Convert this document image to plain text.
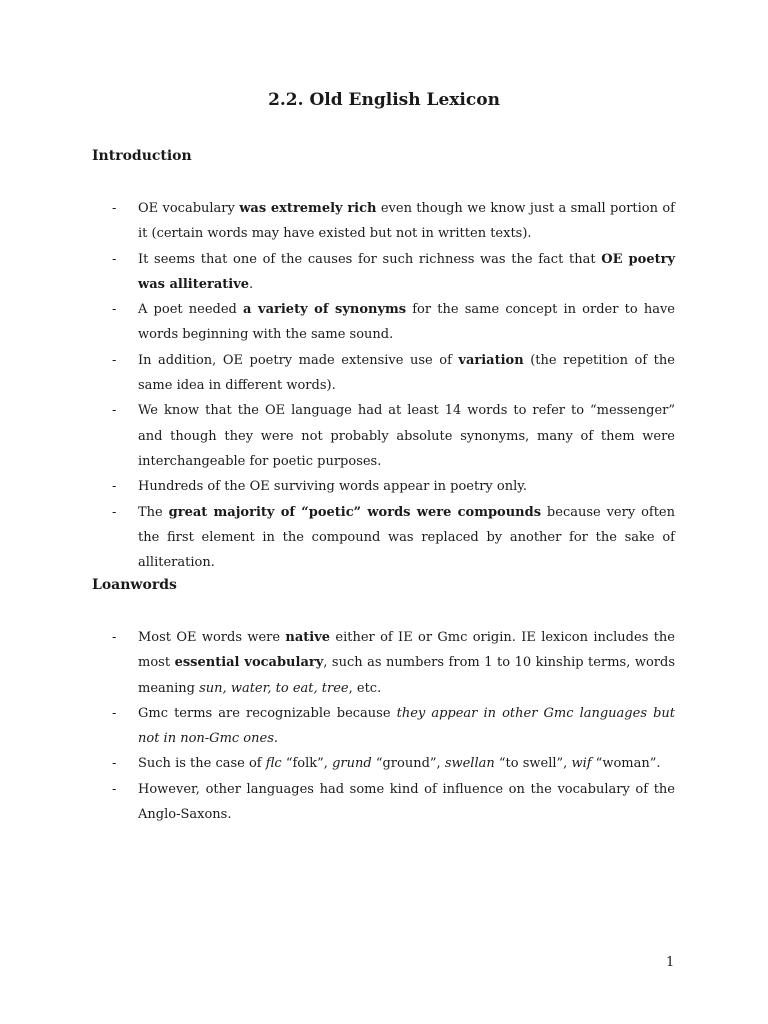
2.2. Old English Lexicon
Introduction
- OE vocabulary was extremely rich even though we know just a small portion of it (certain words may have existed but not in written texts).
- It seems that one of the causes for such richness was the fact that OE poetry was alliterative.
- A poet needed a variety of synonyms for the same concept in order to have words beginning with the same sound.
- In addition, OE poetry made extensive use of variation (the repetition of the same idea in different words).
- We know that the OE language had at least 14 words to refer to “messenger” and though they were not probably absolute synonyms, many of them were interchangeable for poetic purposes.
- Hundreds of the OE surviving words appear in poetry only.
- The great majority of “poetic” words were compounds because very often the first element in the compound was replaced by another for the sake of alliteration.
Loanwords
- Most OE words were native either of IE or Gmc origin. IE lexicon includes the most essential vocabulary, such as numbers from 1 to 10 kinship terms, words meaning sun, water, to eat, tree, etc.
- Gmc terms are recognizable because they appear in other Gmc languages but not in non-Gmc ones.
- Such is the case of flc “folk”, grund “ground”, swellan “to swell”, wif “woman”.
- However, other languages had some kind of influence on the vocabulary of the Anglo-Saxons.
1
